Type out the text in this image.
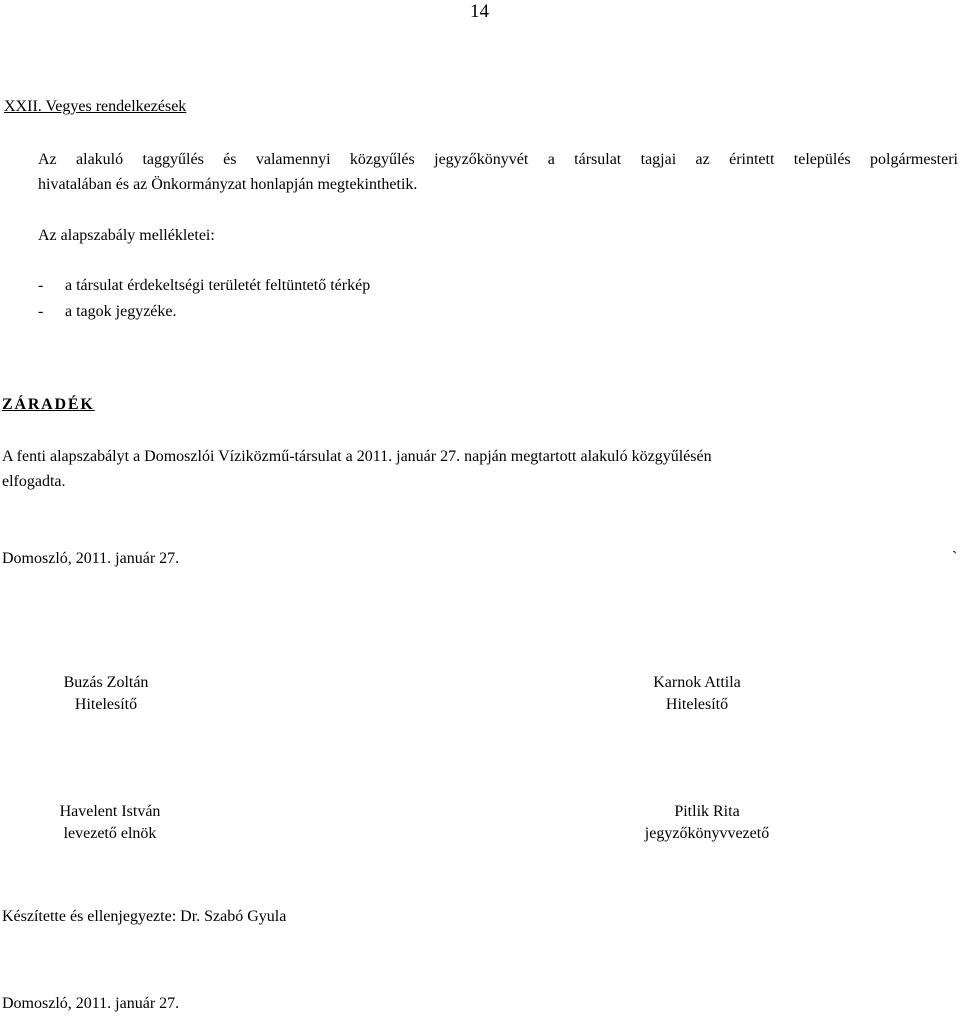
14
XXII. Vegyes rendelkezések
Az alakuló taggyűlés és valamennyi közgyűlés jegyzőkönyvét a társulat tagjai az érintett település polgármesteri
hivatalában és az Önkormányzat honlapján megtekinthetik.
Az alapszabály mellékletei:
- a társulat érdekeltségi területét feltüntető térkép
- a tagok jegyzéke.
ZÁRADÉK
A fenti alapszabályt a Domoszlói Víziközmű-társulat a 2011. január 27. napján megtartott alakuló közgyűlésén
elfogadta.
Domoszló, 2011. január 27.	`
Buzás Zoltán
Hitelesítő
Karnok Attila
Hitelesítő
Havelent István
levezető elnök
Pitlik Rita
jegyzőkönyvvezető
Készítette és ellenjegyezte: Dr. Szabó Gyula
Domoszló, 2011. január 27.
